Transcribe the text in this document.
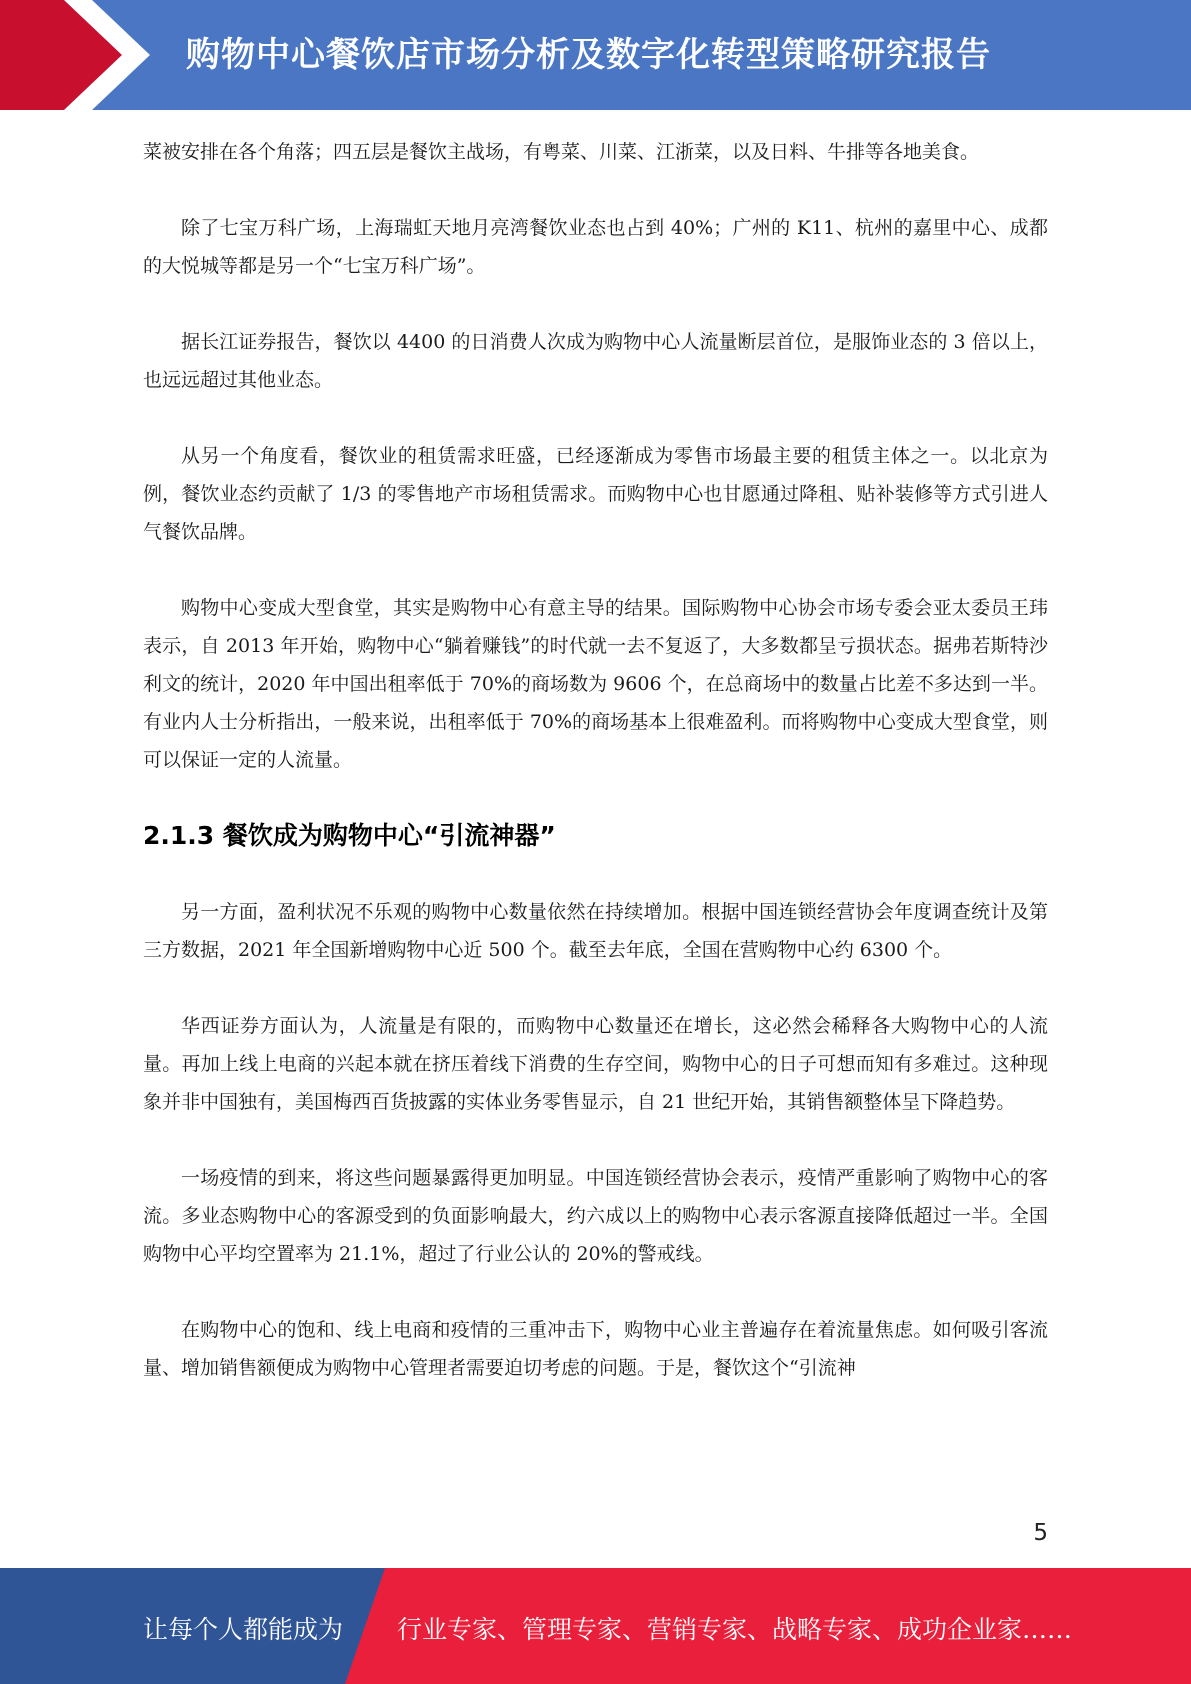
购物中心餐饮店市场分析及数字化转型策略研究报告

菜被安排在各个角落；四五层是餐饮主战场，有粤菜、川菜、江浙菜，以及日料、牛排等各地美食。

除了七宝万科广场，上海瑞虹天地月亮湾餐饮业态也占到 40%；广州的 K11、杭州的嘉里中心、成都的大悦城等都是另一个“七宝万科广场”。

据长江证券报告，餐饮以 4400 的日消费人次成为购物中心人流量断层首位，是服饰业态的 3 倍以上，也远远超过其他业态。

从另一个角度看，餐饮业的租赁需求旺盛，已经逐渐成为零售市场最主要的租赁主体之一。以北京为例，餐饮业态约贡献了 1/3 的零售地产市场租赁需求。而购物中心也甘愿通过降租、贴补装修等方式引进人气餐饮品牌。

购物中心变成大型食堂，其实是购物中心有意主导的结果。国际购物中心协会市场专委会亚太委员王玮表示，自 2013 年开始，购物中心“躺着赚钱”的时代就一去不复返了，大多数都呈亏损状态。据弗若斯特沙利文的统计，2020 年中国出租率低于 70%的商场数为 9606 个，在总商场中的数量占比差不多达到一半。有业内人士分析指出，一般来说，出租率低于 70%的商场基本上很难盈利。而将购物中心变成大型食堂，则可以保证一定的人流量。

2.1.3 餐饮成为购物中心“引流神器”

另一方面，盈利状况不乐观的购物中心数量依然在持续增加。根据中国连锁经营协会年度调查统计及第三方数据，2021 年全国新增购物中心近 500 个。截至去年底，全国在营购物中心约 6300 个。

华西证券方面认为，人流量是有限的，而购物中心数量还在增长，这必然会稀释各大购物中心的人流量。再加上线上电商的兴起本就在挤压着线下消费的生存空间，购物中心的日子可想而知有多难过。这种现象并非中国独有，美国梅西百货披露的实体业务零售显示，自 21 世纪开始，其销售额整体呈下降趋势。

一场疫情的到来，将这些问题暴露得更加明显。中国连锁经营协会表示，疫情严重影响了购物中心的客流。多业态购物中心的客源受到的负面影响最大，约六成以上的购物中心表示客源直接降低超过一半。全国购物中心平均空置率为 21.1%，超过了行业公认的 20%的警戒线。

在购物中心的饱和、线上电商和疫情的三重冲击下，购物中心业主普遍存在着流量焦虑。如何吸引客流量、增加销售额便成为购物中心管理者需要迫切考虑的问题。于是，餐饮这个“引流神

5
让每个人都能成为 行业专家、管理专家、营销专家、战略专家、成功企业家……
